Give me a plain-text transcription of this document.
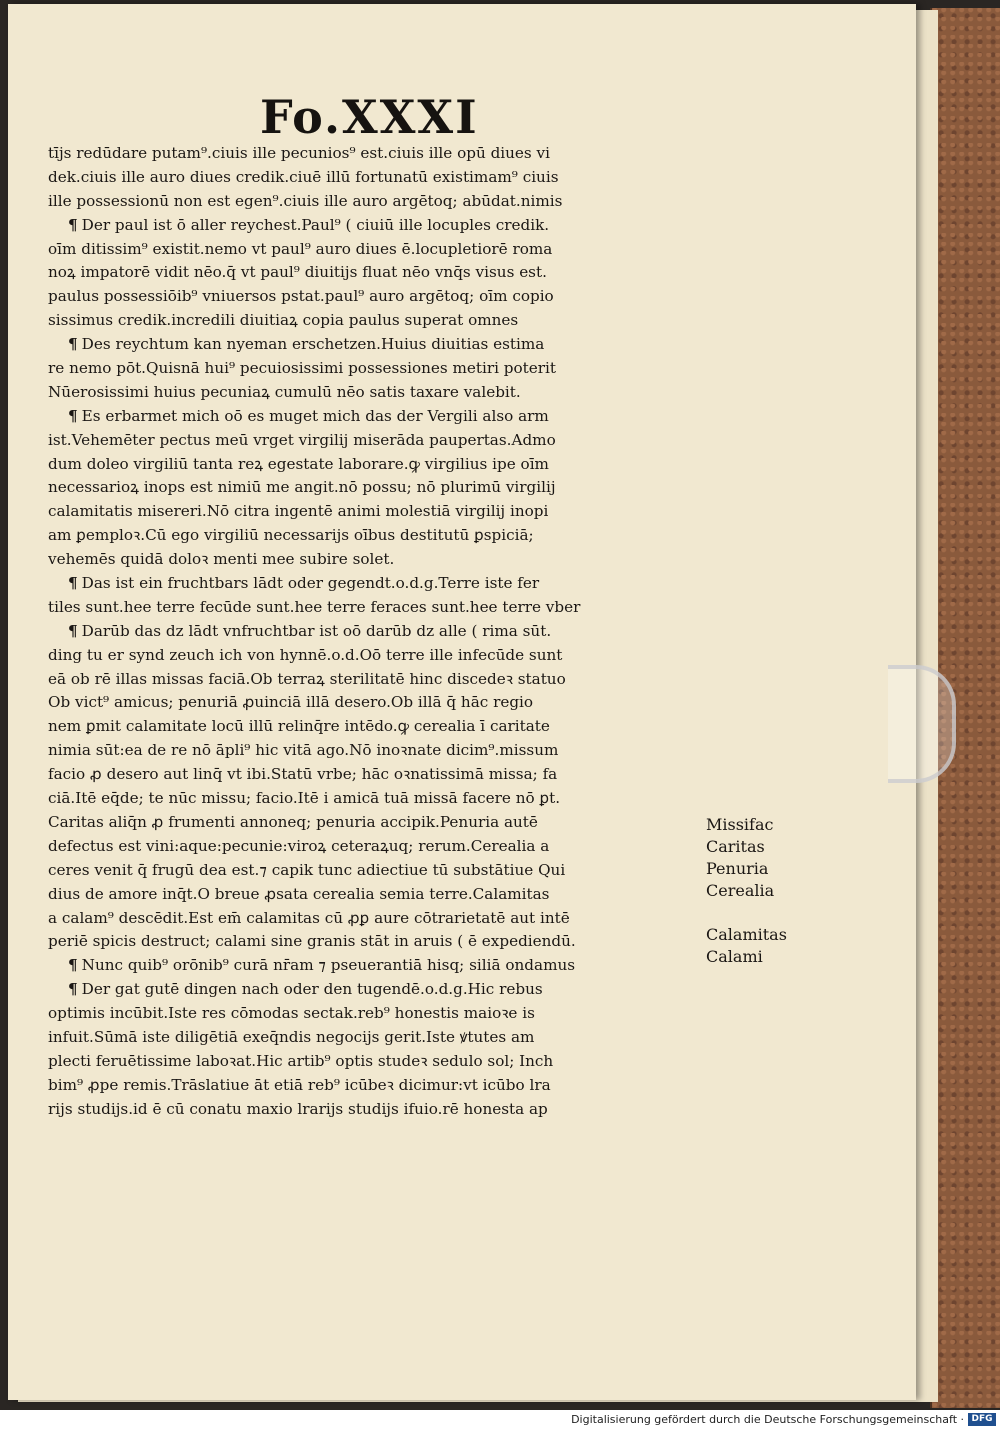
Fo.XXXI
tījs redūdare putam⁹.ciuis ille pecunios⁹ est.ciuis ille opū diues vi
dek.ciuis ille auro diues credik.ciuē illū fortunatū existimam⁹ ciuis
ille possessionū non est egen⁹.ciuis ille auro argētoq; abūdat.nimis
¶ Der paul ist ō aller reychest.Paul⁹ ( ciuiū ille locuples credik.
oīm ditissim⁹ existit.nemo vt paul⁹ auro diues ē.locupletiorē roma
noꝝ impatorē vidit nēo.q̄ vt paul⁹ diuitijs fluat nēo vnq̄s visus est.
paulus possessiōib⁹ vniuersos pstat.paul⁹ auro argētoq; oīm copio
sissimus credik.incredili diuitiaꝝ copia paulus superat omnes
¶ Des reychtum kan nyeman erschetzen.Huius diuitias estima
re nemo pōt.Quisnā hui⁹ pecuiosissimi possessiones metiri poterit
Nūerosissimi huius pecuniaꝝ cumulū nēo satis taxare valebit.
¶ Es erbarmet mich oō es muget mich das der Vergili also arm
ist.Vehemēter pectus meū vrget virgilij miserāda paupertas.Admo
dum doleo virgiliū tanta reꝝ egestate laborare.ꝙ virgilius ipe oīm
necessarioꝝ inops est nimiū me angit.nō possu; nō plurimū virgilij
calamitatis misereri.Nō citra ingentē animi molestiā virgilij inopi
am ꝑemploꝛ.Cū ego virgiliū necessarijs oībus destitutū ꝑspiciā;
vehemēs quidā doloꝛ menti mee subire solet.
¶ Das ist ein fruchtbars lādt oder gegendt.o.d.g.Terre iste fer
tiles sunt.hee terre fecūde sunt.hee terre feraces sunt.hee terre vber
¶ Darūb das dz lādt vnfruchtbar ist oō darūb dz alle ( rima sūt.
ding tu er synd zeuch ich von hynnē.o.d.Oō terre ille infecūde sunt
eā ob rē illas missas faciā.Ob terraꝝ sterilitatē hinc discedeꝛ statuo
Ob vict⁹ amicus; penuriā ꝓuinciā illā desero.Ob illā q̄ hāc regio
nem ꝑmit calamitate locū illū relinq̄re intēdo.ꝙ cerealia ī caritate
nimia sūt:ea de re nō āpli⁹ hic vitā ago.Nō inoꝛnate dicim⁹.missum
facio ꝓ desero aut linq̄ vt ibi.Statū vrbe; hāc oꝛnatissimā missa; fa
ciā.Itē eq̄de; te nūc missu; facio.Itē i amicā tuā missā facere nō ꝑt.
Caritas aliq̄n ꝓ frumenti annoneq; penuria accipik.Penuria autē
defectus est vini:aque:pecunie:viroꝝ ceteraꝝuq; rerum.Cerealia a
ceres venit q̄ frugū dea est.⁊ capik tunc adiectiue tū substātiue Qui
dius de amore inq̄t.O breue ꝓsata cerealia semia terre.Calamitas
a calam⁹ descēdit.Est em̄ calamitas cū ꝓꝑ aure cōtrarietatē aut intē
periē spicis destruct; calami sine granis stāt in aruis ( ē expediendū.
¶ Nunc quib⁹ orōnib⁹ curā nr̄am ⁊ pseuerantiā hisq; siliā ondamus
¶ Der gat gutē dingen nach oder den tugendē.o.d.g.Hic rebus
optimis incūbit.Iste res cōmodas sectak.reb⁹ honestis maioꝛe is
infuit.Sūmā iste diligētiā exeq̄ndis negocijs gerit.Iste ꝟtutes am
plecti feruētissime laboꝛat.Hic artib⁹ optis studeꝛ sedulo sol; Inch
bim⁹ ꝓpe remis.Trāslatiue āt etiā reb⁹ icūbeꝛ dicimur:vt icūbo lra
rijs studijs.id ē cū conatu maxio lrarijs studijs ifuio.rē honesta ap
Missifac
Caritas
Penuria
Cerealia
Calamitas
Calami
Digitalisierung gefördert durch die Deutsche Forschungsgemeinschaft · DFG
